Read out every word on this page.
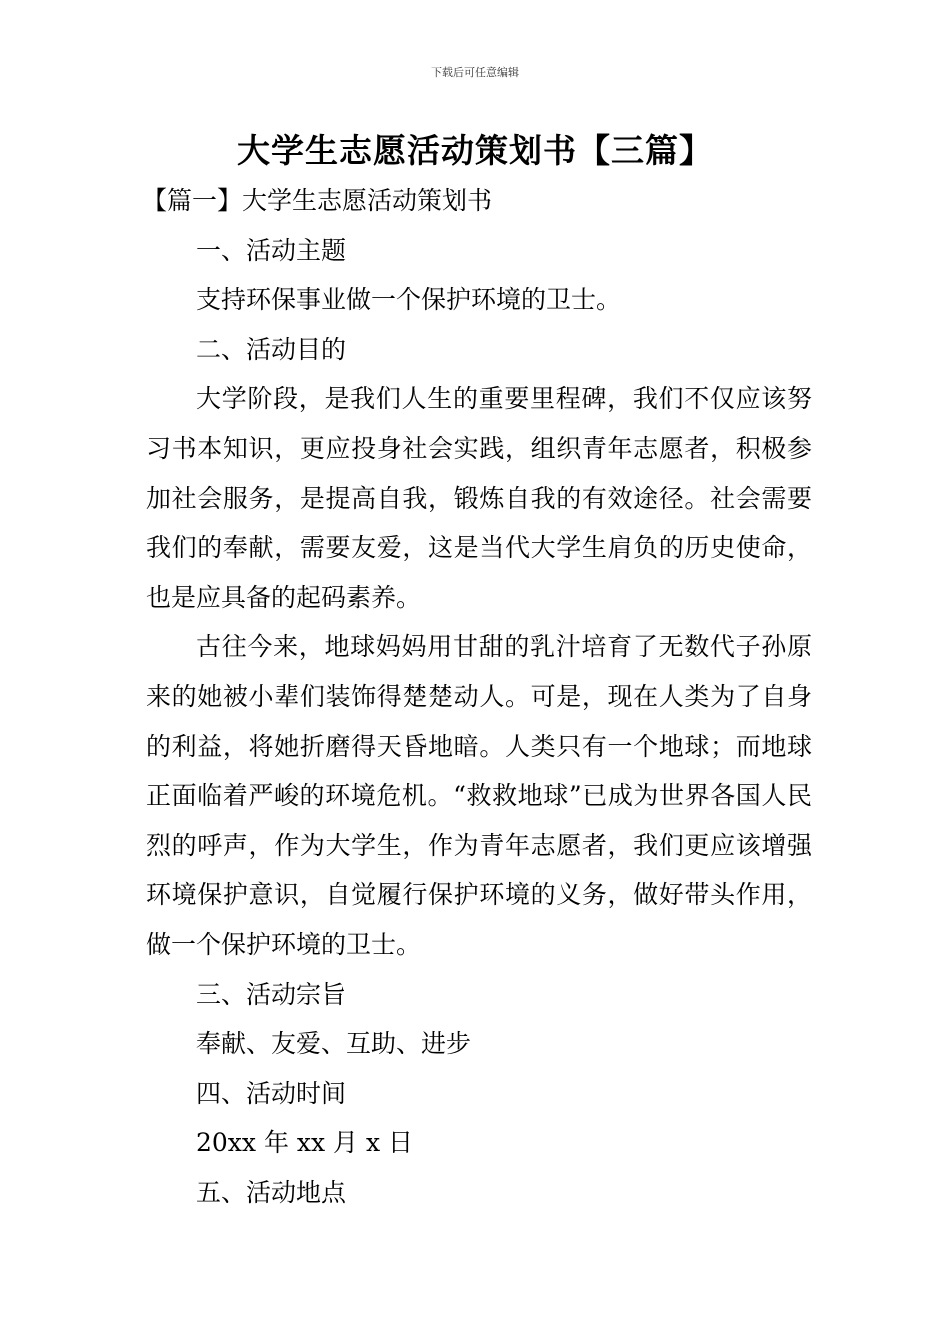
下载后可任意编辑
大学生志愿活动策划书【三篇】

【篇一】大学生志愿活动策划书

一、活动主题

支持环保事业做一个保护环境的卫士。

二、活动目的

大学阶段，是我们人生的重要里程碑，我们不仅应该努习书本知识，更应投身社会实践，组织青年志愿者，积极参加社会服务，是提高自我，锻炼自我的有效途径。社会需要我们的奉献，需要友爱，这是当代大学生肩负的历史使命，也是应具备的起码素养。

古往今来，地球妈妈用甘甜的乳汁培育了无数代子孙原来的她被小辈们装饰得楚楚动人。可是，现在人类为了自身的利益，将她折磨得天昏地暗。人类只有一个地球；而地球正面临着严峻的环境危机。“救救地球”已成为世界各国人民烈的呼声，作为大学生，作为青年志愿者，我们更应该增强环境保护意识，自觉履行保护环境的义务，做好带头作用，做一个保护环境的卫士。

三、活动宗旨

奉献、友爱、互助、进步

四、活动时间

20xx 年 xx 月 x 日

五、活动地点
